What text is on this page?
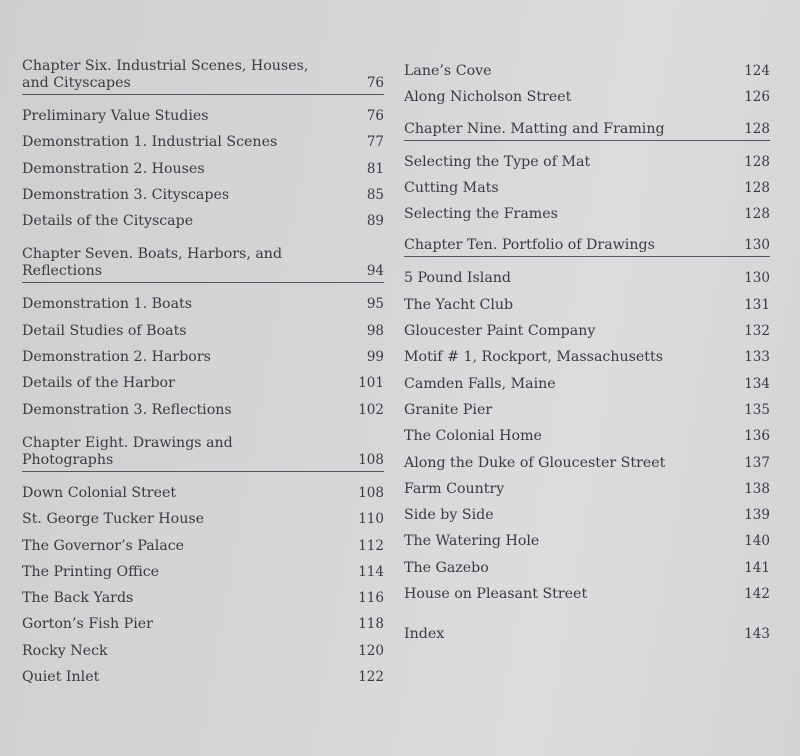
Chapter Six. Industrial Scenes, Houses, and Cityscapes	76
Preliminary Value Studies	76
Demonstration 1. Industrial Scenes	77
Demonstration 2. Houses	81
Demonstration 3. Cityscapes	85
Details of the Cityscape	89
Chapter Seven. Boats, Harbors, and Reflections	94
Demonstration 1. Boats	95
Detail Studies of Boats	98
Demonstration 2. Harbors	99
Details of the Harbor	101
Demonstration 3. Reflections	102
Chapter Eight. Drawings and Photographs	108
Down Colonial Street	108
St. George Tucker House	110
The Governor’s Palace	112
The Printing Office	114
The Back Yards	116
Gorton’s Fish Pier	118
Rocky Neck	120
Quiet Inlet	122
Lane’s Cove	124
Along Nicholson Street	126
Chapter Nine. Matting and Framing	128
Selecting the Type of Mat	128
Cutting Mats	128
Selecting the Frames	128
Chapter Ten. Portfolio of Drawings	130
5 Pound Island	130
The Yacht Club	131
Gloucester Paint Company	132
Motif # 1, Rockport, Massachusetts	133
Camden Falls, Maine	134
Granite Pier	135
The Colonial Home	136
Along the Duke of Gloucester Street	137
Farm Country	138
Side by Side	139
The Watering Hole	140
The Gazebo	141
House on Pleasant Street	142
Index	143
